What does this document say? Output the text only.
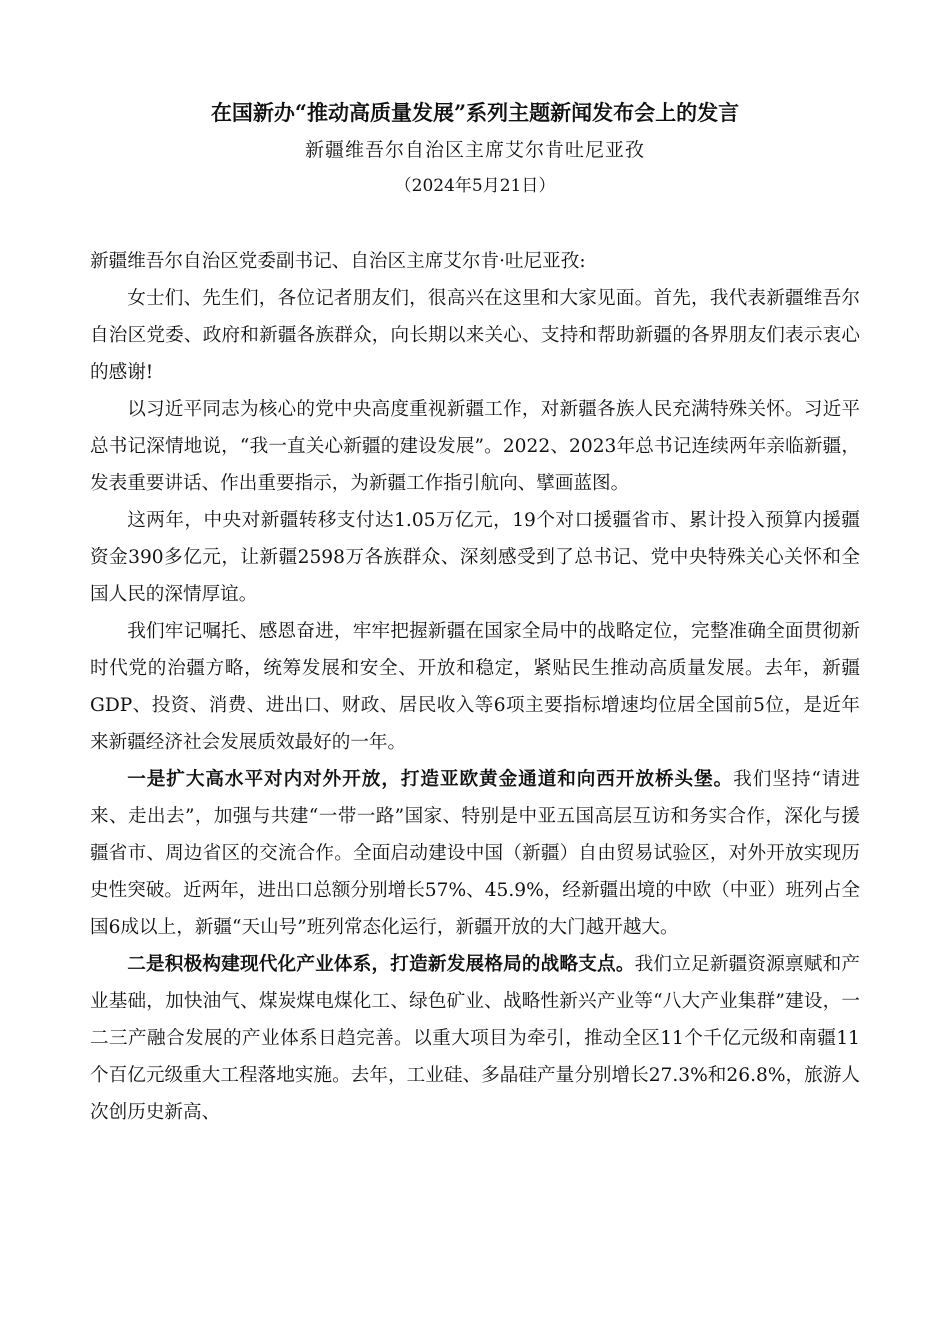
在国新办“推动高质量发展”系列主题新闻发布会上的发言
新疆维吾尔自治区主席艾尔肯吐尼亚孜
（2024年5月21日）

新疆维吾尔自治区党委副书记、自治区主席艾尔肯·吐尼亚孜:

女士们、先生们，各位记者朋友们，很高兴在这里和大家见面。首先，我代表新疆维吾尔自治区党委、政府和新疆各族群众，向长期以来关心、支持和帮助新疆的各界朋友们表示衷心的感谢!

以习近平同志为核心的党中央高度重视新疆工作，对新疆各族人民充满特殊关怀。习近平总书记深情地说，“我一直关心新疆的建设发展”。2022、2023年总书记连续两年亲临新疆，发表重要讲话、作出重要指示，为新疆工作指引航向、擘画蓝图。

这两年，中央对新疆转移支付达1.05万亿元，19个对口援疆省市、累计投入预算内援疆资金390多亿元，让新疆2598万各族群众、深刻感受到了总书记、党中央特殊关心关怀和全国人民的深情厚谊。

我们牢记嘱托、感恩奋进，牢牢把握新疆在国家全局中的战略定位，完整准确全面贯彻新时代党的治疆方略，统筹发展和安全、开放和稳定，紧贴民生推动高质量发展。去年，新疆GDP、投资、消费、进出口、财政、居民收入等6项主要指标增速均位居全国前5位，是近年来新疆经济社会发展质效最好的一年。

一是扩大高水平对内对外开放，打造亚欧黄金通道和向西开放桥头堡。我们坚持“请进来、走出去”，加强与共建“一带一路”国家、特别是中亚五国高层互访和务实合作，深化与援疆省市、周边省区的交流合作。全面启动建设中国（新疆）自由贸易试验区，对外开放实现历史性突破。近两年，进出口总额分别增长57%、45.9%，经新疆出境的中欧（中亚）班列占全国6成以上，新疆“天山号”班列常态化运行，新疆开放的大门越开越大。

二是积极构建现代化产业体系，打造新发展格局的战略支点。我们立足新疆资源禀赋和产业基础，加快油气、煤炭煤电煤化工、绿色矿业、战略性新兴产业等“八大产业集群”建设，一二三产融合发展的产业体系日趋完善。以重大项目为牵引，推动全区11个千亿元级和南疆11个百亿元级重大工程落地实施。去年，工业硅、多晶硅产量分别增长27.3%和26.8%，旅游人次创历史新高、
